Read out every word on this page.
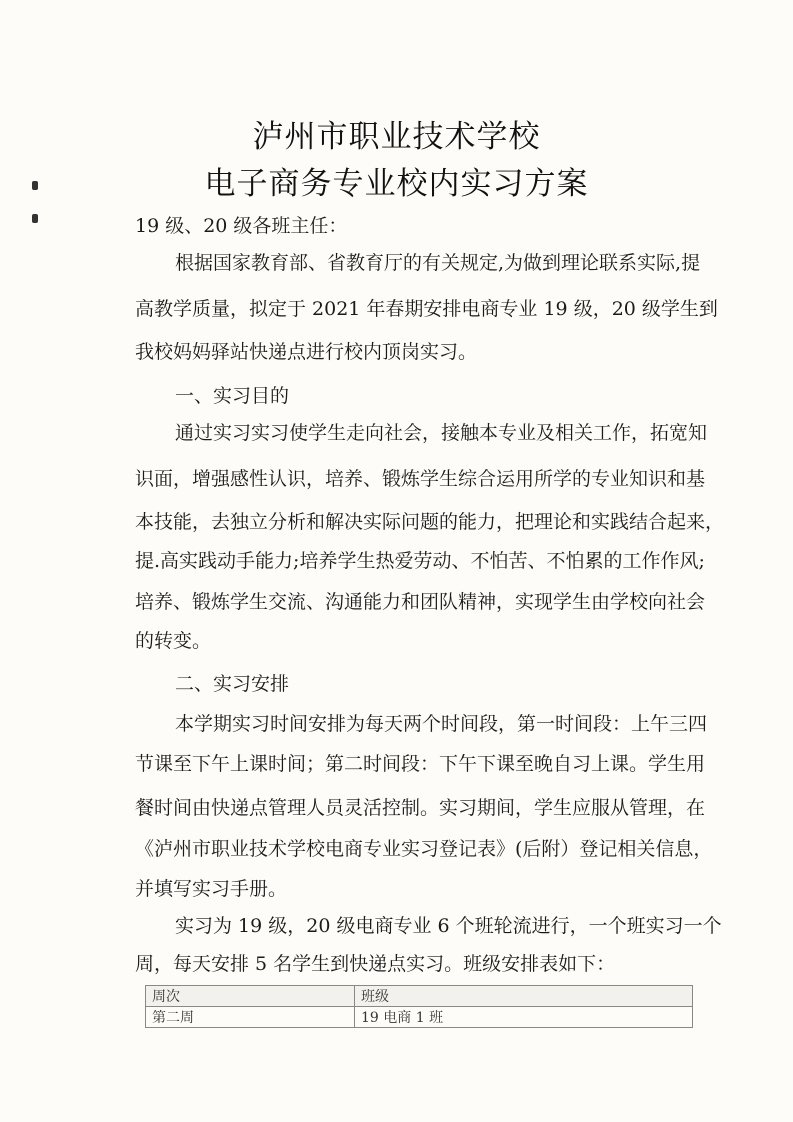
泸州市职业技术学校
电子商务专业校内实习方案
19 级、20 级各班主任：
根据国家教育部、省教育厅的有关规定,为做到理论联系实际,提
高教学质量，拟定于 2021 年春期安排电商专业 19 级，20 级学生到
我校妈妈驿站快递点进行校内顶岗实习。
一、实习目的
通过实习实习使学生走向社会，接触本专业及相关工作，拓宽知
识面，增强感性认识，培养、锻炼学生综合运用所学的专业知识和基
本技能，去独立分析和解决实际问题的能力，把理论和实践结合起来，
提.高实践动手能力;培养学生热爱劳动、不怕苦、不怕累的工作作风;
培养、锻炼学生交流、沟通能力和团队精神，实现学生由学校向社会
的转变。
二、实习安排
本学期实习时间安排为每天两个时间段，第一时间段：上午三四
节课至下午上课时间；第二时间段：下午下课至晚自习上课。学生用
餐时间由快递点管理人员灵活控制。实习期间，学生应服从管理，在
《泸州市职业技术学校电商专业实习登记表》(后附）登记相关信息，
并填写实习手册。
实习为 19 级，20 级电商专业 6 个班轮流进行，一个班实习一个
周，每天安排 5 名学生到快递点实习。班级安排表如下：
周次	班级
第二周	19 电商 1 班
